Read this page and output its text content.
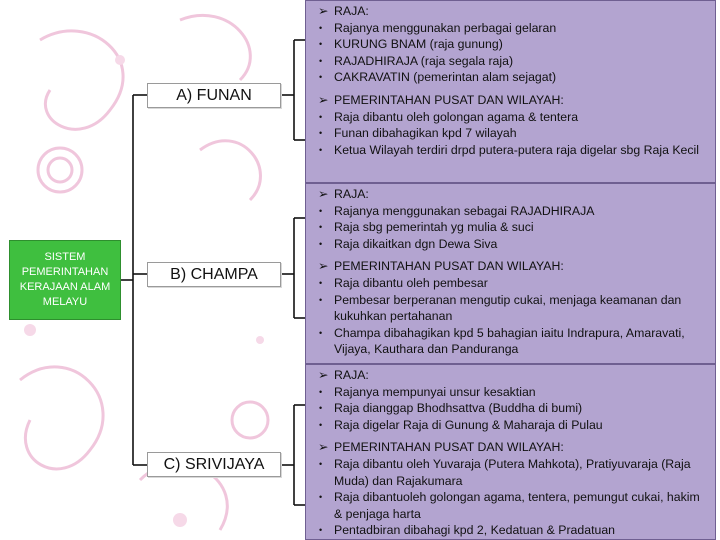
SISTEM PEMERINTAHAN KERAJAAN ALAM MELAYU
A) FUNAN
B) CHAMPA
C) SRIVIJAYA
➢ RAJA:
• Rajanya menggunakan perbagai gelaran
• KURUNG BNAM (raja gunung)
• RAJADHIRAJA (raja segala raja)
• CAKRAVATIN (pemerintan alam sejagat)
➢ PEMERINTAHAN PUSAT DAN WILAYAH:
• Raja dibantu oleh golongan agama & tentera
• Funan dibahagikan kpd 7 wilayah
• Ketua Wilayah terdiri drpd putera-putera raja digelar sbg Raja Kecil
➢ RAJA:
• Rajanya menggunakan sebagai RAJADHIRAJA
• Raja sbg pemerintah yg mulia & suci
• Raja dikaitkan dgn Dewa Siva
➢ PEMERINTAHAN PUSAT DAN WILAYAH:
• Raja dibantu oleh pembesar
• Pembesar berperanan mengutip cukai, menjaga keamanan dan kukuhkan pertahanan
• Champa dibahagikan kpd 5 bahagian iaitu Indrapura, Amaravati, Vijaya, Kauthara dan Panduranga
➢ RAJA:
• Rajanya mempunyai unsur kesaktian
• Raja dianggap Bhodhsattva (Buddha di bumi)
• Raja digelar Raja di Gunung & Maharaja di Pulau
➢ PEMERINTAHAN PUSAT DAN WILAYAH:
• Raja dibantu oleh Yuvaraja (Putera Mahkota), Pratiyuvaraja (Raja Muda) dan Rajakumara
• Raja dibantuoleh golongan agama, tentera, pemungut cukai, hakim & penjaga harta
• Pentadbiran dibahagi kpd 2, Kedatuan & Pradatuan
